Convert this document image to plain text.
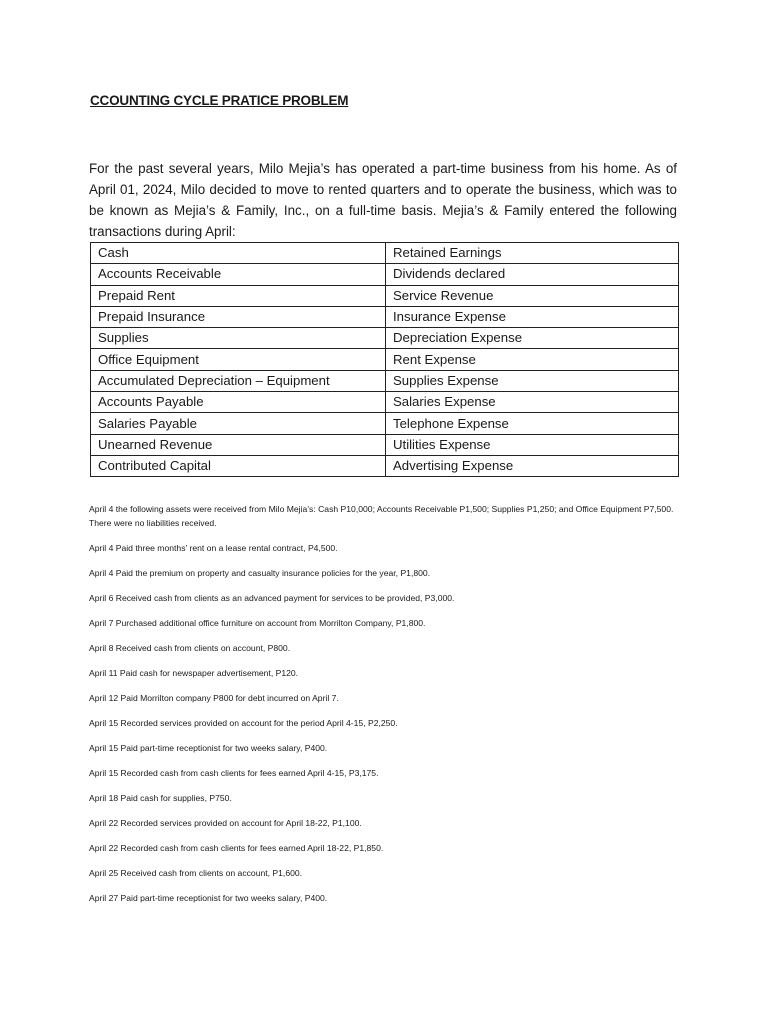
CCOUNTING CYCLE PRATICE PROBLEM
For the past several years, Milo Mejia’s has operated a part-time business from his home. As of April 01, 2024, Milo decided to move to rented quarters and to operate the business, which was to be known as Mejia’s & Family, Inc., on a full-time basis. Mejia’s & Family entered the following transactions during April:
Cash	Retained Earnings
Accounts Receivable	Dividends declared
Prepaid Rent	Service Revenue
Prepaid Insurance	Insurance Expense
Supplies	Depreciation Expense
Office Equipment	Rent Expense
Accumulated Depreciation – Equipment	Supplies Expense
Accounts Payable	Salaries Expense
Salaries Payable	Telephone Expense
Unearned Revenue	Utilities Expense
Contributed Capital	Advertising Expense

April 4 the following assets were received from Milo Mejia’s: Cash P10,000; Accounts Receivable P1,500; Supplies P1,250; and Office Equipment P7,500. There were no liabilities received.

April 4 Paid three months’ rent on a lease rental contract, P4,500.

April 4 Paid the premium on property and casualty insurance policies for the year, P1,800.

April 6 Received cash from clients as an advanced payment for services to be provided, P3,000.

April 7 Purchased additional office furniture on account from Morrilton Company, P1,800.

April 8 Received cash from clients on account, P800.

April 11 Paid cash for newspaper advertisement, P120.

April 12 Paid Morrilton company P800 for debt incurred on April 7.

April 15 Recorded services provided on account for the period April 4-15, P2,250.

April 15 Paid part-time receptionist for two weeks salary, P400.

April 15 Recorded cash from cash clients for fees earned April 4-15, P3,175.

April 18 Paid cash for supplies, P750.

April 22 Recorded services provided on account for April 18-22, P1,100.

April 22 Recorded cash from cash clients for fees earned April 18-22, P1,850.

April 25 Received cash from clients on account, P1,600.

April 27 Paid part-time receptionist for two weeks salary, P400.
